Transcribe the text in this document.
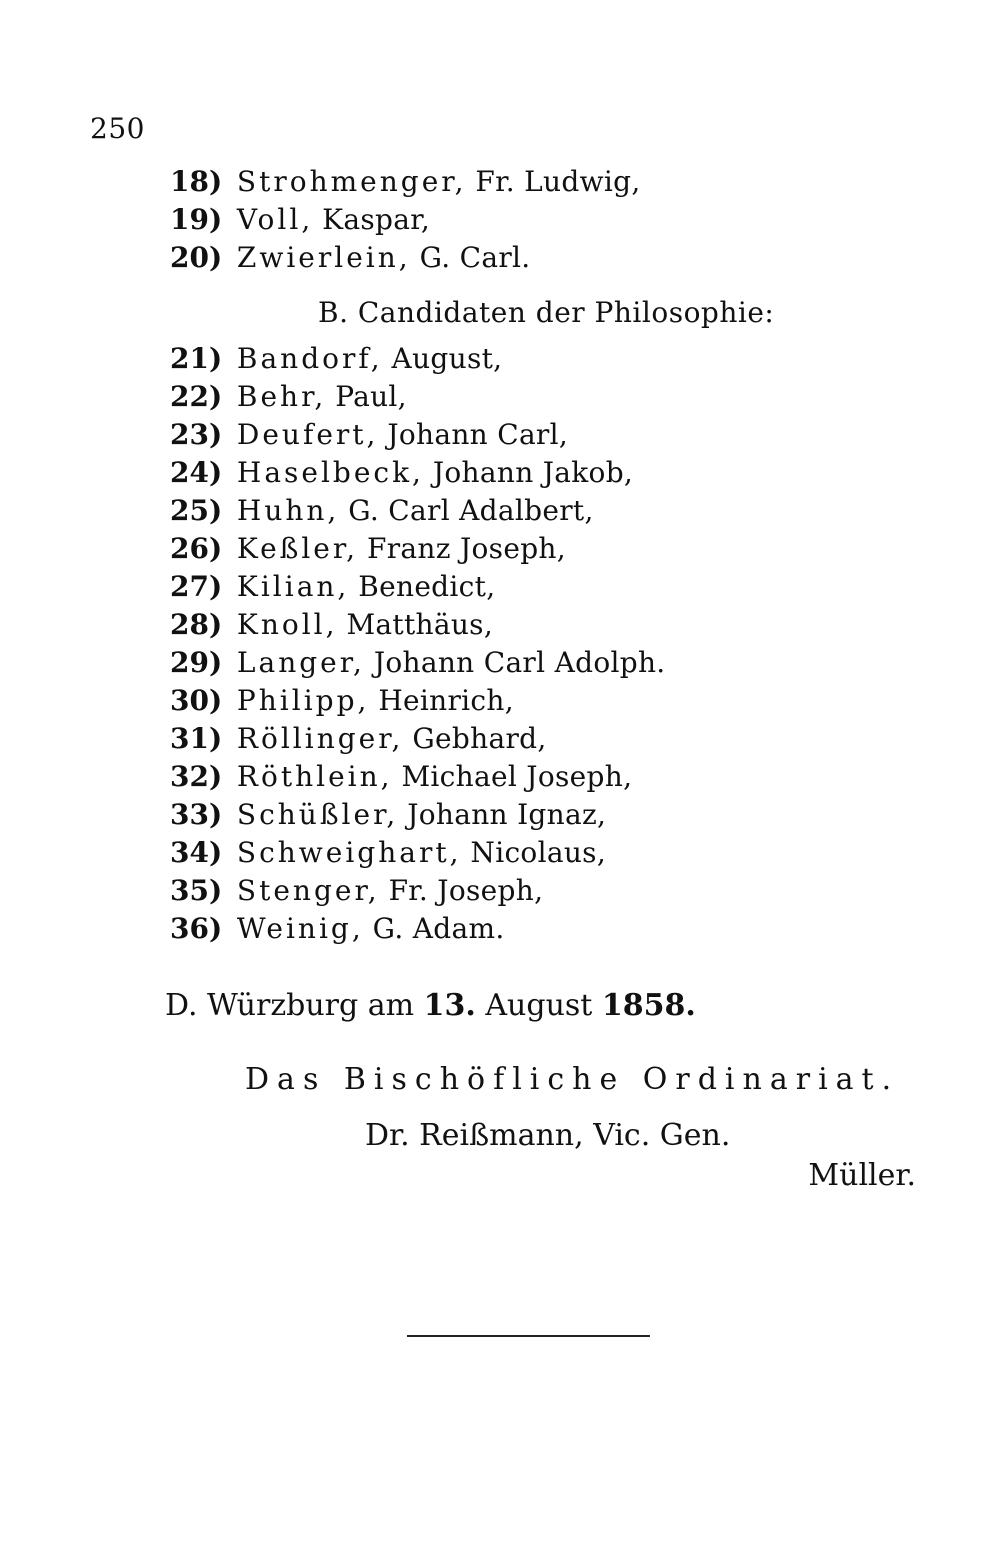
250
18) Strohmenger, Fr. Ludwig,
19) Voll, Kaspar,
20) Zwierlein, G. Carl.
B. Candidaten der Philosophie:
21) Bandorf, August,
22) Behr, Paul,
23) Deufert, Johann Carl,
24) Haselbeck, Johann Jakob,
25) Huhn, G. Carl Adalbert,
26) Keßler, Franz Joseph,
27) Kilian, Benedict,
28) Knoll, Matthäus,
29) Langer, Johann Carl Adolph.
30) Philipp, Heinrich,
31) Röllinger, Gebhard,
32) Röthlein, Michael Joseph,
33) Schüßler, Johann Ignaz,
34) Schweighart, Nicolaus,
35) Stenger, Fr. Joseph,
36) Weinig, G. Adam.
D. Würzburg am 13. August 1858.
Das Bischöfliche Ordinariat.
Dr. Reißmann, Vic. Gen.
Müller.
